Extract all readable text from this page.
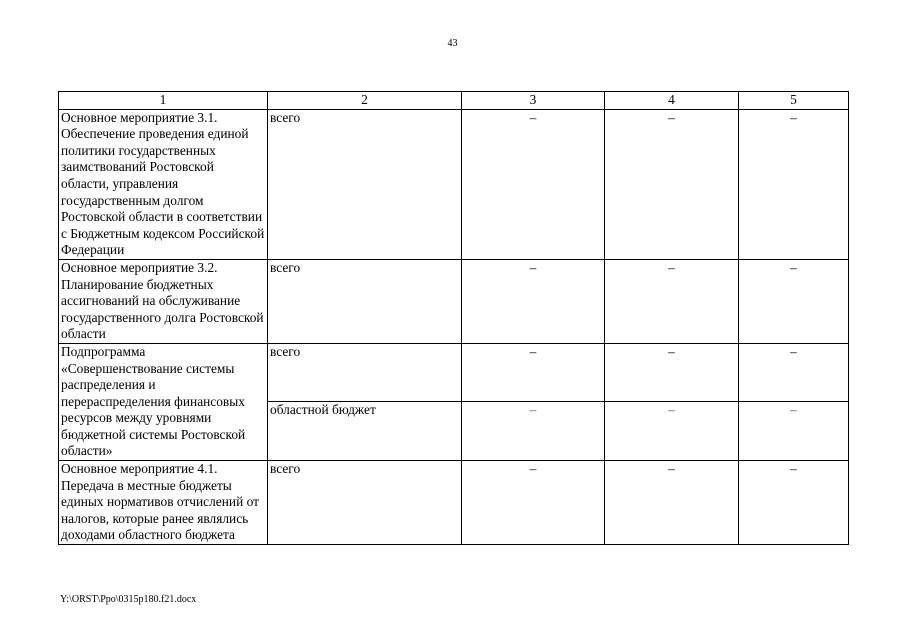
43
1	2	3	4	5
Основное мероприятие 3.1. Обеспечение проведения единой политики государственных заимствований Ростовской области, управления государственным долгом Ростовской области в соответствии с Бюджетным кодексом Российской Федерации	всего	–	–	–
Основное мероприятие 3.2. Планирование бюджетных ассигнований на обслуживание государственного долга Ростовской области	всего	–	–	–
Подпрограмма «Совершенствование системы распределения и перераспределения финансовых ресурсов между уровнями бюджетной системы Ростовской области»	всего	–	–	–
	областной бюджет	–	–	–
Основное мероприятие 4.1. Передача в местные бюджеты единых нормативов отчислений от налогов, которые ранее являлись доходами областного бюджета	всего	–	–	–
Y:\ORST\Ppo\0315p180.f21.docx
